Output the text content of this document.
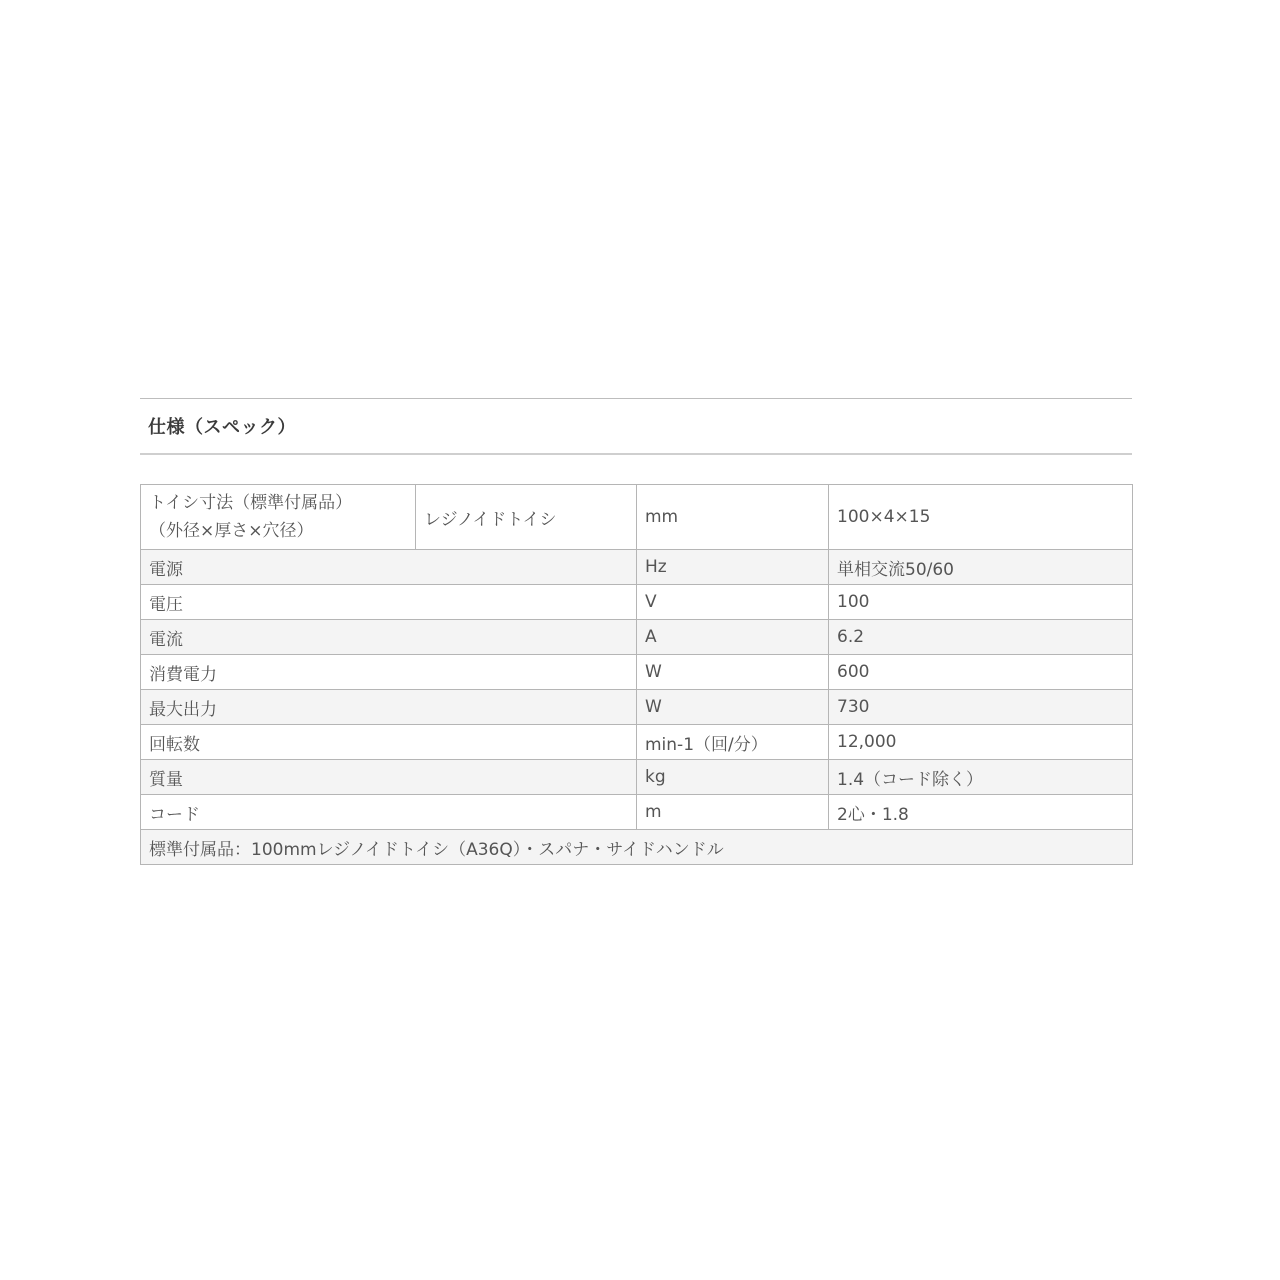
仕様（スペック）
トイシ寸法（標準付属品）
（外径×厚さ×穴径）	レジノイドトイシ	mm	100×4×15
電源		Hz	単相交流50/60
電圧		V	100
電流		A	6.2
消費電力		W	600
最大出力		W	730
回転数		min-1（回/分）	12,000
質量		kg	1.4（コード除く）
コード		m	2心・1.8
標準付属品：100mmレジノイドトイシ（A36Q）・スパナ・サイドハンドル			
